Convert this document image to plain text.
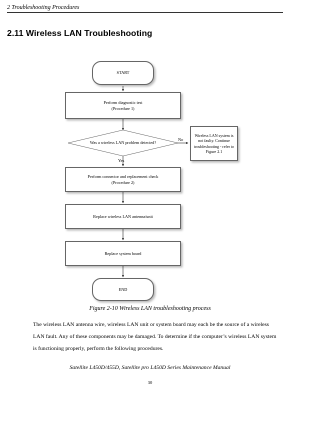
2 Troubleshooting Procedures
2.11 Wireless LAN Troubleshooting
START
Perform diagnostic test
(Procedure 1)
Was a wireless LAN problem detected?
No
Yes
Wireless LAN system is not faulty. Continue troubleshooting - refer to Figure 2.1
Perform connector and replacement check
(Procedure 2)
Replace wireless LAN antenna/unit
Replace system board
END
Figure 2-10 Wireless LAN troubleshooting process
The wireless LAN antenna wire, wireless LAN unit or system board may each be the source of a wireless LAN fault. Any of these components may be damaged. To determine if the computer’s wireless LAN system is functioning properly, perform the following procedures.
Satellite L450D/455D, Satellite pro L450D Series Maintenance Manual
30
